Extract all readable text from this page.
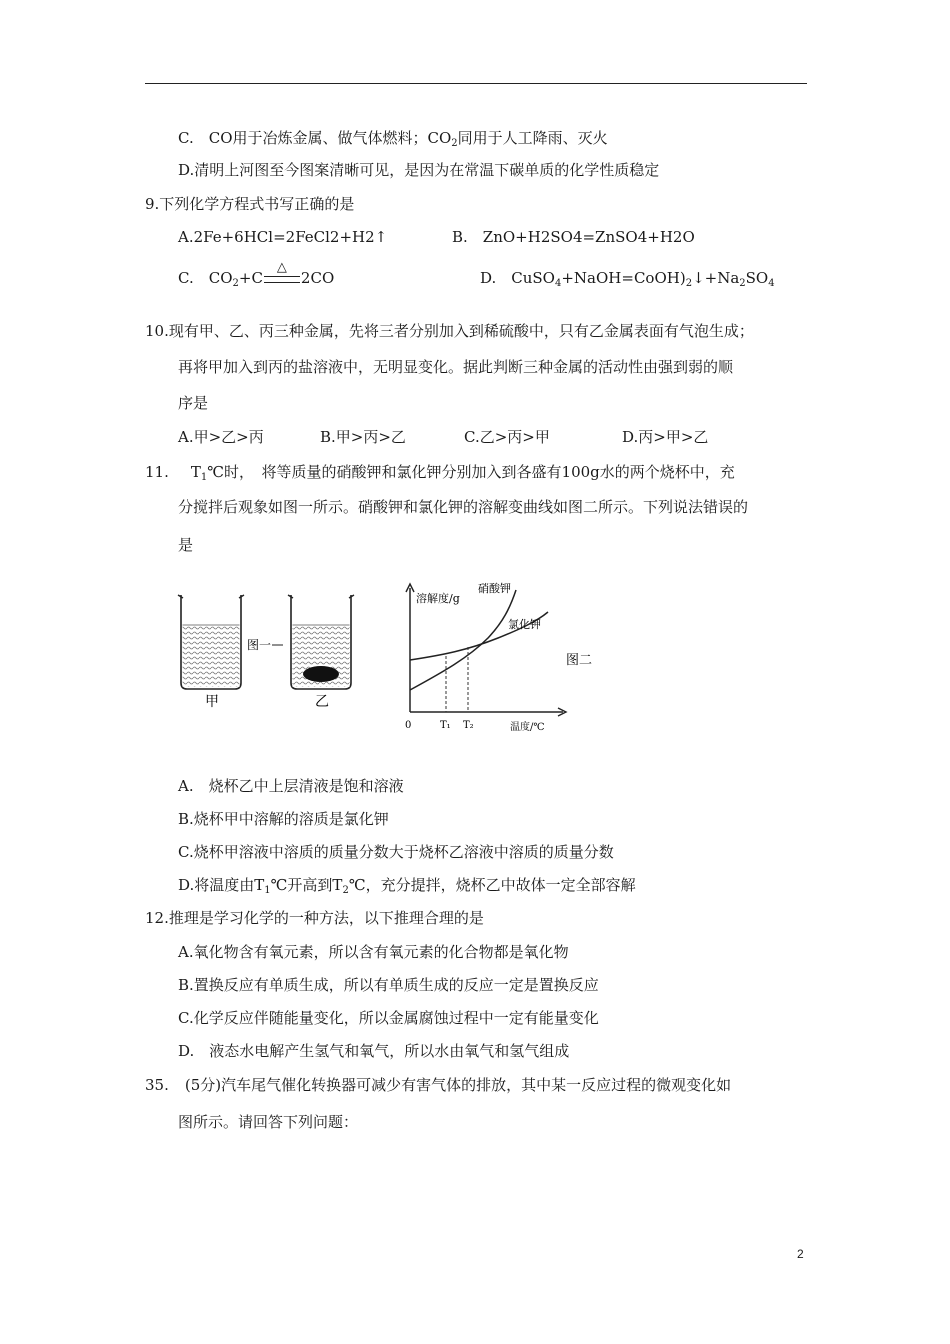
C.　CO用于冶炼金属、做气体燃料；$CO_2$同用于人工降雨、灭火
D.清明上河图至今图案清晰可见，是因为在常温下碳单质的化学性质稳定
9.下列化学方程式书写正确的是
A.2Fe+6HCl=2FeCl2+H2↑	B.　ZnO+H2SO4=ZnSO4+H2O
C.　$CO_2+C$
△
2CO	D.　$CuSO_4+NaOH=CoOH)_2↓+Na_2SO_4$
10.现有甲、乙、丙三种金属，先将三者分别加入到稀硫酸中，只有乙金属表面有气泡生成；
再将甲加入到丙的盐溶液中，无明显变化。据此判断三种金属的活动性由强到弱的顺
序是
A.甲>乙>丙	B.甲>丙>乙	C.乙>丙>甲	D.丙>甲>乙
11. $T_1℃$时，　将等质量的硝酸钾和氯化钾分别加入到各盛有100g水的两个烧杯中，充
分搅拌后观象如图一所示。硝酸钾和氯化钾的溶解变曲线如图二所示。下列说法错误的
是
甲
图一
乙
溶解度/g
温度/℃
0
硝酸钾
氯化钾
T₁ T₂
图二
A.　烧杯乙中上层清液是饱和溶液
B.烧杯甲中溶解的溶质是氯化钾
C.烧杯甲溶液中溶质的质量分数大于烧杯乙溶液中溶质的质量分数
D.将温度由$T_1℃$开高到$T_2℃$，充分提拌，烧杯乙中故体一定全部容解
12.推理是学习化学的一种方法，以下推理合理的是
A.氧化物含有氧元素，所以含有氧元素的化合物都是氧化物
B.置换反应有单质生成，所以有单质生成的反应一定是置换反应
C.化学反应伴随能量变化，所以金属腐蚀过程中一定有能量变化
D.　液态水电解产生氢气和氧气，所以水由氧气和氢气组成
35. (5分)汽车尾气催化转换器可减少有害气体的排放，其中某一反应过程的微观变化如
图所示。请回答下列问题：
2
